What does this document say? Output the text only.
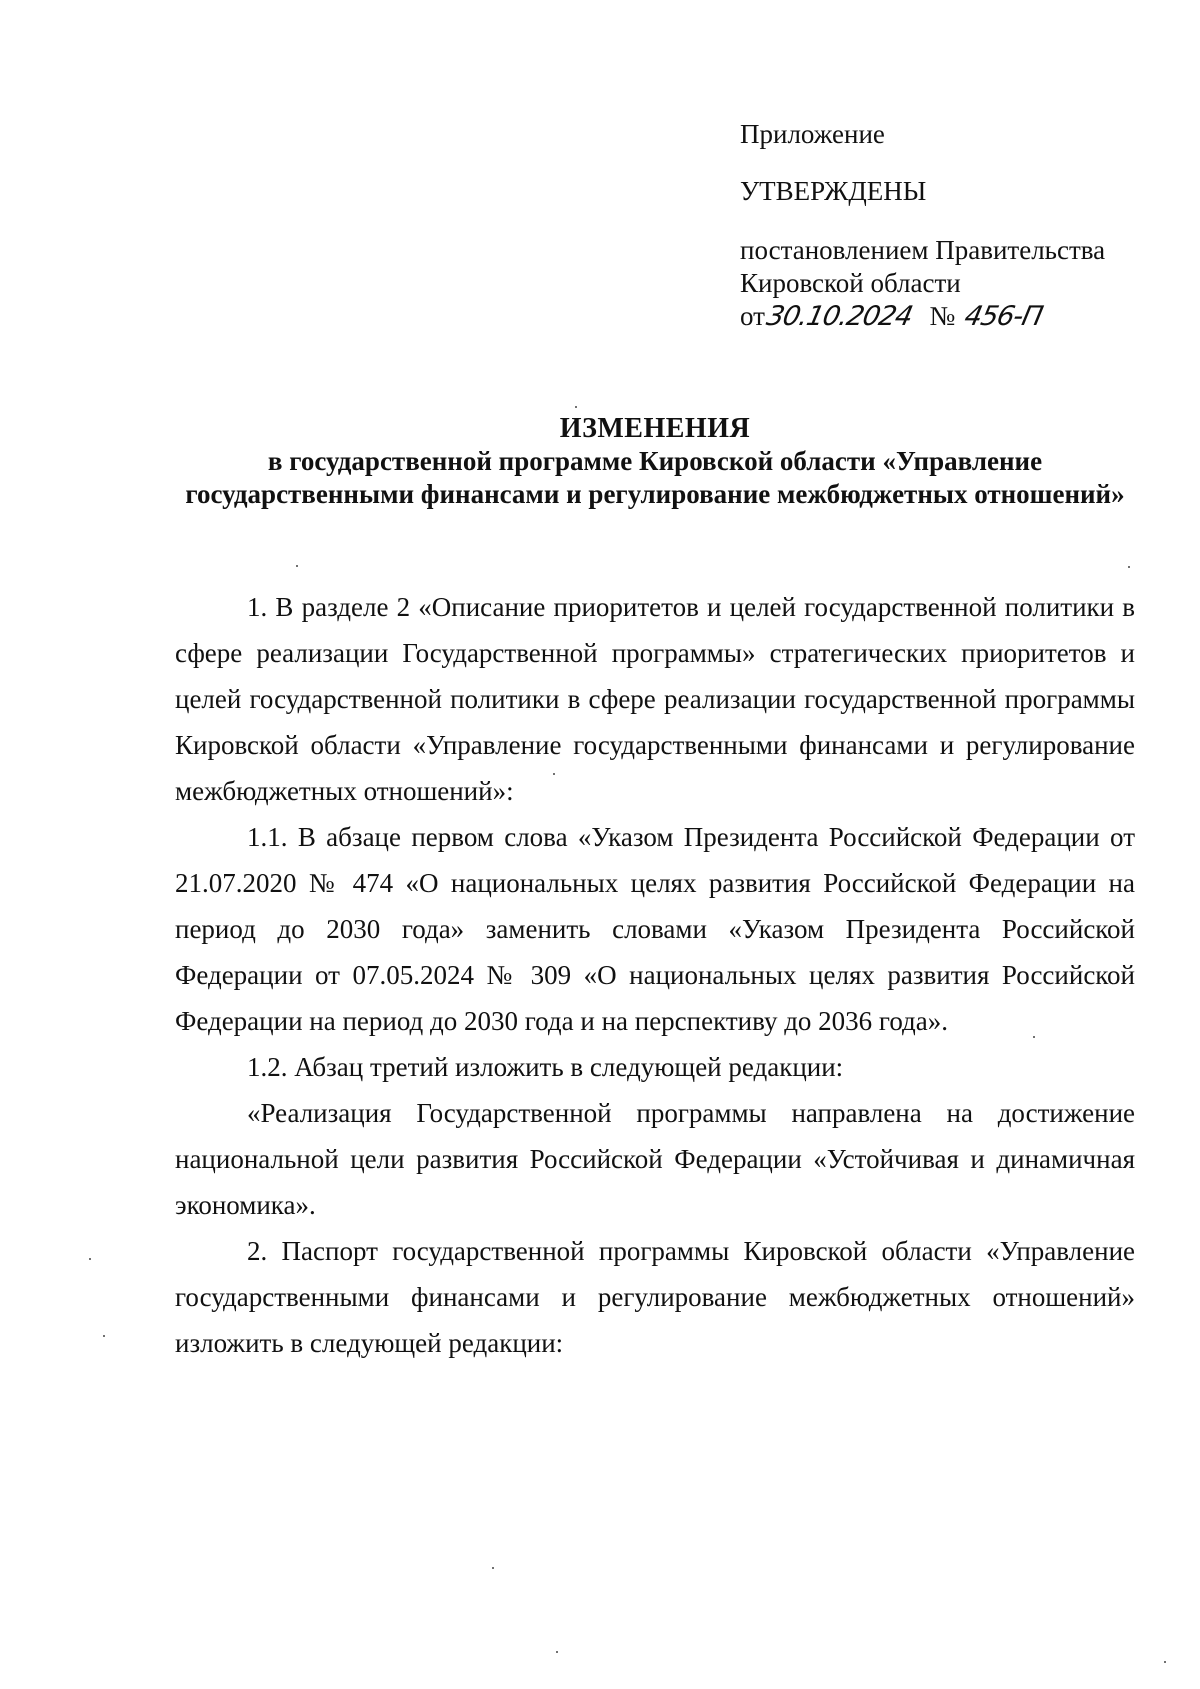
Приложение
УТВЕРЖДЕНЫ
постановлением Правительства
Кировской области
от30.10.2024 № 456-П
ИЗМЕНЕНИЯ
в государственной программе Кировской области «Управление государственными финансами и регулирование межбюджетных отношений»

1. В разделе 2 «Описание приоритетов и целей государственной политики в сфере реализации Государственной программы» стратегических приоритетов и целей государственной политики в сфере реализации государственной программы Кировской области «Управление государственными финансами и регулирование межбюджетных отношений»:

1.1. В абзаце первом слова «Указом Президента Российской Федерации от 21.07.2020 № 474 «О национальных целях развития Российской Федерации на период до 2030 года» заменить словами «Указом Президента Российской Федерации от 07.05.2024 № 309 «О национальных целях развития Российской Федерации на период до 2030 года и на перспективу до 2036 года».

1.2. Абзац третий изложить в следующей редакции:

«Реализация Государственной программы направлена на достижение национальной цели развития Российской Федерации «Устойчивая и динамичная экономика».

2. Паспорт государственной программы Кировской области «Управление государственными финансами и регулирование межбюджетных отношений» изложить в следующей редакции:
